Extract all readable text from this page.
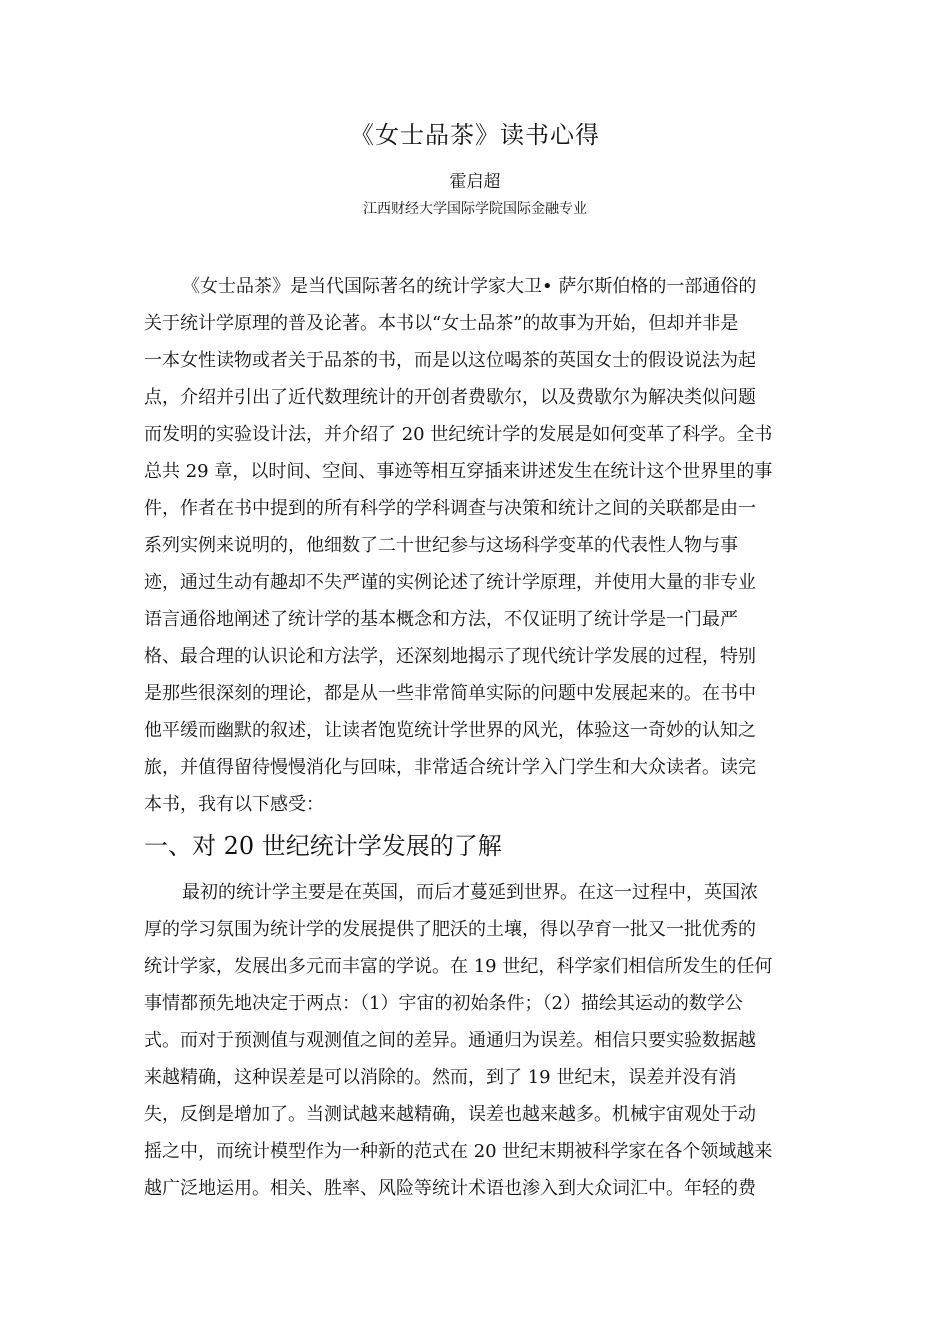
《女士品茶》读书心得
霍启超
江西财经大学国际学院国际金融专业
《女士品茶》是当代国际著名的统计学家大卫• 萨尔斯伯格的一部通俗的
关于统计学原理的普及论著。本书以“女士品茶”的故事为开始，但却并非是
一本女性读物或者关于品茶的书，而是以这位喝茶的英国女士的假设说法为起
点，介绍并引出了近代数理统计的开创者费歇尔，以及费歇尔为解决类似问题
而发明的实验设计法，并介绍了 20 世纪统计学的发展是如何变革了科学。全书
总共 29 章，以时间、空间、事迹等相互穿插来讲述发生在统计这个世界里的事
件，作者在书中提到的所有科学的学科调查与决策和统计之间的关联都是由一
系列实例来说明的，他细数了二十世纪参与这场科学变革的代表性人物与事
迹，通过生动有趣却不失严谨的实例论述了统计学原理，并使用大量的非专业
语言通俗地阐述了统计学的基本概念和方法，不仅证明了统计学是一门最严
格、最合理的认识论和方法学，还深刻地揭示了现代统计学发展的过程，特别
是那些很深刻的理论，都是从一些非常简单实际的问题中发展起来的。在书中
他平缓而幽默的叙述，让读者饱览统计学世界的风光，体验这一奇妙的认知之
旅，并值得留待慢慢消化与回味，非常适合统计学入门学生和大众读者。读完
本书，我有以下感受：
一、对 20 世纪统计学发展的了解
最初的统计学主要是在英国，而后才蔓延到世界。在这一过程中，英国浓
厚的学习氛围为统计学的发展提供了肥沃的土壤，得以孕育一批又一批优秀的
统计学家，发展出多元而丰富的学说。在 19 世纪，科学家们相信所发生的任何
事情都预先地决定于两点：（1）宇宙的初始条件；（2）描绘其运动的数学公
式。而对于预测值与观测值之间的差异。通通归为误差。相信只要实验数据越
来越精确，这种误差是可以消除的。然而，到了 19 世纪末，误差并没有消
失，反倒是增加了。当测试越来越精确，误差也越来越多。机械宇宙观处于动
摇之中，而统计模型作为一种新的范式在 20 世纪末期被科学家在各个领域越来
越广泛地运用。相关、胜率、风险等统计术语也渗入到大众词汇中。年轻的费
